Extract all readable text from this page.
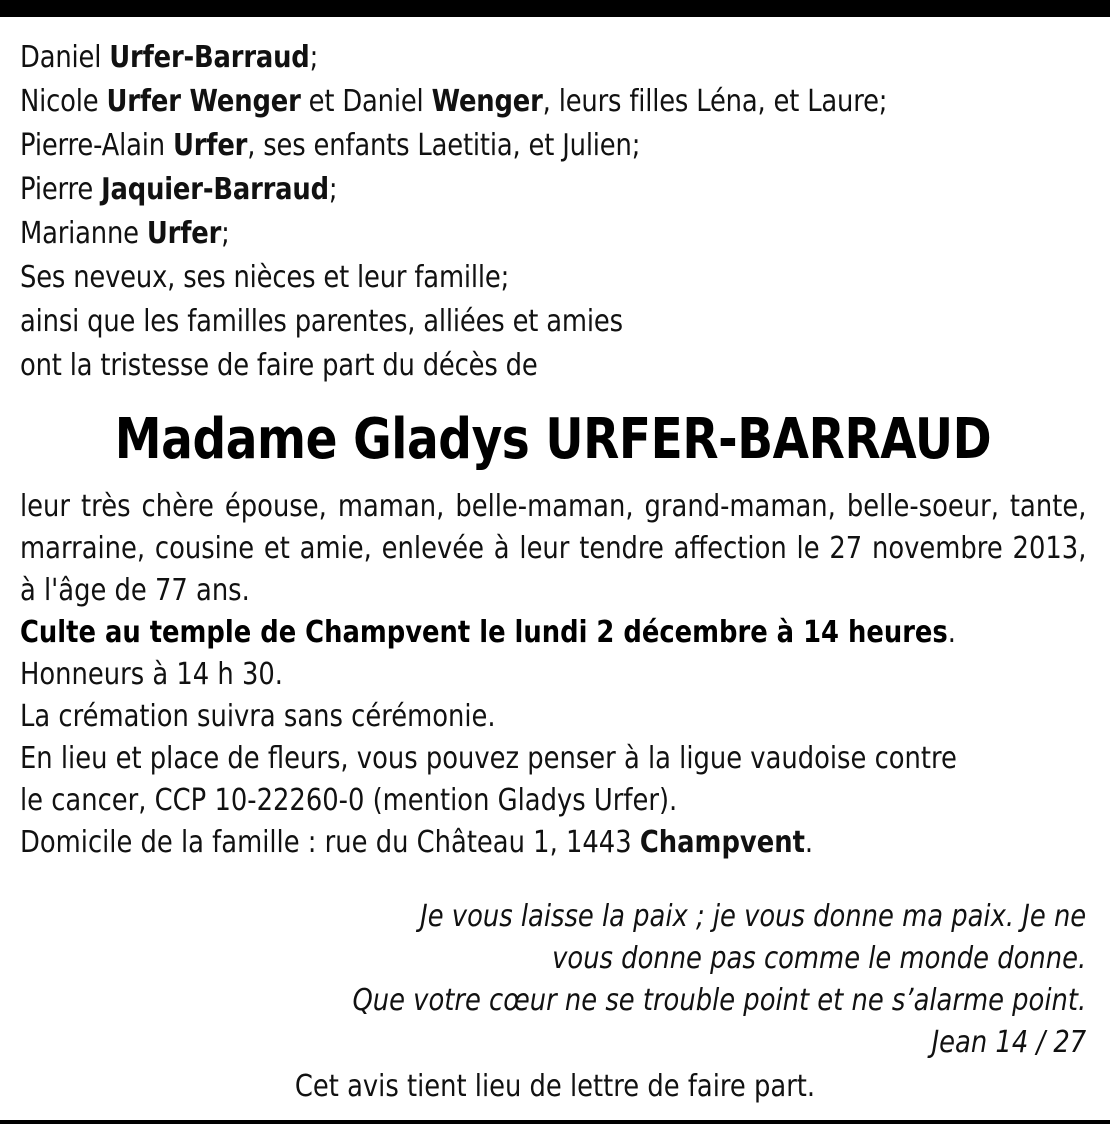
Daniel Urfer-Barraud;
Nicole Urfer Wenger et Daniel Wenger, leurs filles Léna, et Laure;
Pierre-Alain Urfer, ses enfants Laetitia, et Julien;
Pierre Jaquier-Barraud;
Marianne Urfer;
Ses neveux, ses nièces et leur famille;
ainsi que les familles parentes, alliées et amies
ont la tristesse de faire part du décès de
Madame Gladys URFER-BARRAUD
leur très chère épouse, maman, belle-maman, grand-maman, belle-soeur, tante, marraine, cousine et amie, enlevée à leur tendre affection le 27 novembre 2013, à l'âge de 77 ans.
Culte au temple de Champvent le lundi 2 décembre à 14 heures.
Honneurs à 14 h 30.
La crémation suivra sans cérémonie.
En lieu et place de fleurs, vous pouvez penser à la ligue vaudoise contre
le cancer, CCP 10-22260-0 (mention Gladys Urfer).
Domicile de la famille : rue du Château 1, 1443 Champvent.
Je vous laisse la paix ; je vous donne ma paix. Je ne
vous donne pas comme le monde donne.
Que votre cœur ne se trouble point et ne s’alarme point.
Jean 14 / 27
Cet avis tient lieu de lettre de faire part.
